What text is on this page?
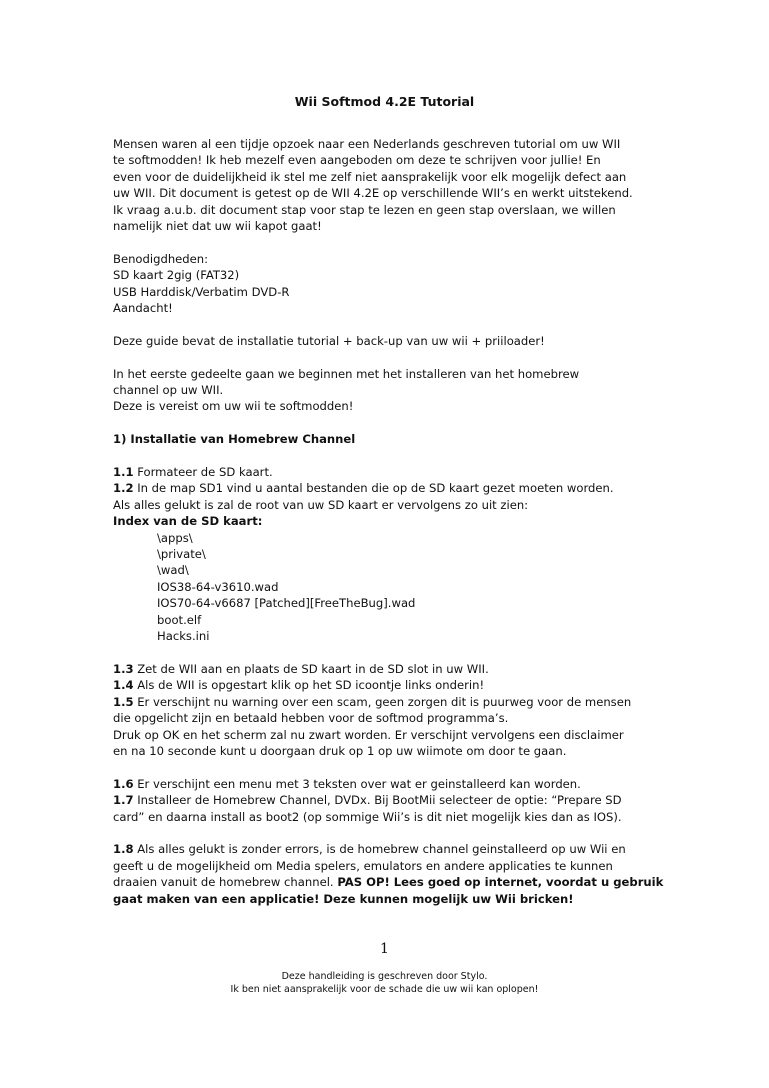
Wii Softmod 4.2E Tutorial
Mensen waren al een tijdje opzoek naar een Nederlands geschreven tutorial om uw WII
te softmodden! Ik heb mezelf even aangeboden om deze te schrijven voor jullie! En
even voor de duidelijkheid ik stel me zelf niet aansprakelijk voor elk mogelijk defect aan
uw WII. Dit document is getest op de WII 4.2E op verschillende WII’s en werkt uitstekend.
Ik vraag a.u.b. dit document stap voor stap te lezen en geen stap overslaan, we willen
namelijk niet dat uw wii kapot gaat!
Benodigdheden:
SD kaart 2gig (FAT32)
USB Harddisk/Verbatim DVD-R
Aandacht!
Deze guide bevat de installatie tutorial + back-up van uw wii + priiloader!
In het eerste gedeelte gaan we beginnen met het installeren van het homebrew
channel op uw WII.
Deze is vereist om uw wii te softmodden!
1) Installatie van Homebrew Channel
1.1 Formateer de SD kaart.
1.2 In de map SD1 vind u aantal bestanden die op de SD kaart gezet moeten worden.
Als alles gelukt is zal de root van uw SD kaart er vervolgens zo uit zien:
Index van de SD kaart:
\apps\
\private\
\wad\
IOS38-64-v3610.wad
IOS70-64-v6687 [Patched][FreeTheBug].wad
boot.elf
Hacks.ini
1.3 Zet de WII aan en plaats de SD kaart in de SD slot in uw WII.
1.4 Als de WII is opgestart klik op het SD icoontje links onderin!
1.5 Er verschijnt nu warning over een scam, geen zorgen dit is puurweg voor de mensen
die opgelicht zijn en betaald hebben voor de softmod programma’s.
Druk op OK en het scherm zal nu zwart worden. Er verschijnt vervolgens een disclaimer
en na 10 seconde kunt u doorgaan druk op 1 op uw wiimote om door te gaan.
1.6 Er verschijnt een menu met 3 teksten over wat er geinstalleerd kan worden.
1.7 Installeer de Homebrew Channel, DVDx. Bij BootMii selecteer de optie: “Prepare SD
card” en daarna install as boot2 (op sommige Wii’s is dit niet mogelijk kies dan as IOS).
1.8 Als alles gelukt is zonder errors, is de homebrew channel geinstalleerd op uw Wii en
geeft u de mogelijkheid om Media spelers, emulators en andere applicaties te kunnen
draaien vanuit de homebrew channel. PAS OP! Lees goed op internet, voordat u gebruik
gaat maken van een applicatie! Deze kunnen mogelijk uw Wii bricken!
1
Deze handleiding is geschreven door Stylo.
Ik ben niet aansprakelijk voor de schade die uw wii kan oplopen!
